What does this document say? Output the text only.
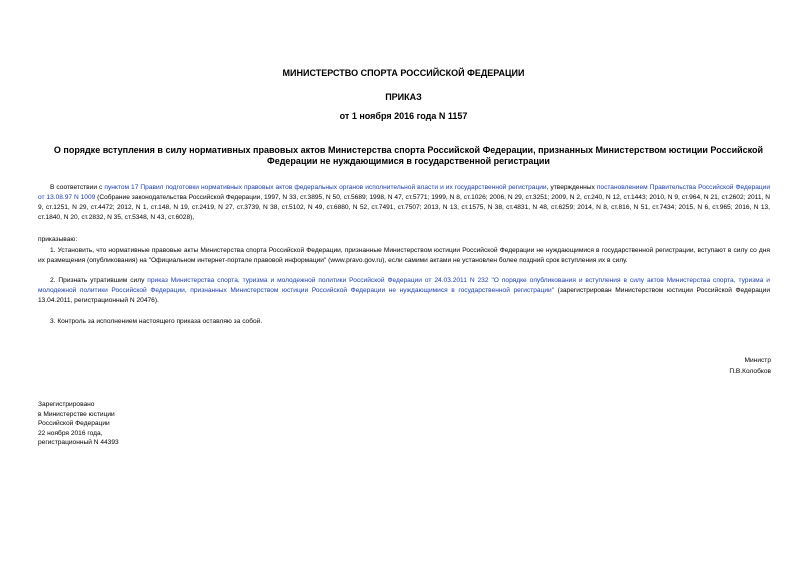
МИНИСТЕРСТВО СПОРТА РОССИЙСКОЙ ФЕДЕРАЦИИ
ПРИКАЗ
от 1 ноября 2016 года N 1157
О порядке вступления в силу нормативных правовых актов Министерства спорта Российской Федерации, признанных Министерством юстиции Российской Федерации не нуждающимися в государственной регистрации
В соответствии с пунктом 17 Правил подготовки нормативных правовых актов федеральных органов исполнительной власти и их государственной регистрации, утвержденных постановлением Правительства Российской Федерации от 13.08.97 N 1009 (Собрание законодательства Российской Федерации, 1997, N 33, ст.3895, N 50, ст.5689; 1998, N 47, ст.5771; 1999, N 8, ст.1026; 2006, N 29, ст.3251; 2009, N 2, ст.240, N 12, ст.1443; 2010, N 9, ст.964, N 21, ст.2602; 2011, N 9, ст.1251, N 29, ст.4472; 2012, N 1, ст.148, N 19, ст.2419, N 27, ст.3739, N 38, ст.5102, N 49, ст.6880, N 52, ст.7491, ст.7507; 2013, N 13, ст.1575, N 38, ст.4831, N 48, ст.6259; 2014, N 8, ст.816, N 51, ст.7434; 2015, N 6, ст.965; 2016, N 13, ст.1840, N 20, ст.2832, N 35, ст.5348, N 43, ст.6028),
приказываю:
1. Установить, что нормативные правовые акты Министерства спорта Российской Федерации, признанные Министерством юстиции Российской Федерации не нуждающимися в государственной регистрации, вступают в силу со дня их размещения (опубликования) на "Официальном интернет-портале правовой информации" (www.pravo.gov.ru), если самими актами не установлен более поздний срок вступления их в силу.
2. Признать утратившим силу приказ Министерства спорта, туризма и молодежной политики Российской Федерации от 24.03.2011 N 232 "О порядке опубликования и вступления в силу актов Министерства спорта, туризма и молодежной политики Российской Федерации, признанных Министерством юстиции Российской Федерации не нуждающимися в государственной регистрации" (зарегистрирован Министерством юстиции Российской Федерации 13.04.2011, регистрационный N 20476).
3. Контроль за исполнением настоящего приказа оставляю за собой.
Министр
П.В.Колобков
Зарегистрировано
в Министерстве юстиции
Российской Федерации
22 ноября 2016 года,
регистрационный N 44393
